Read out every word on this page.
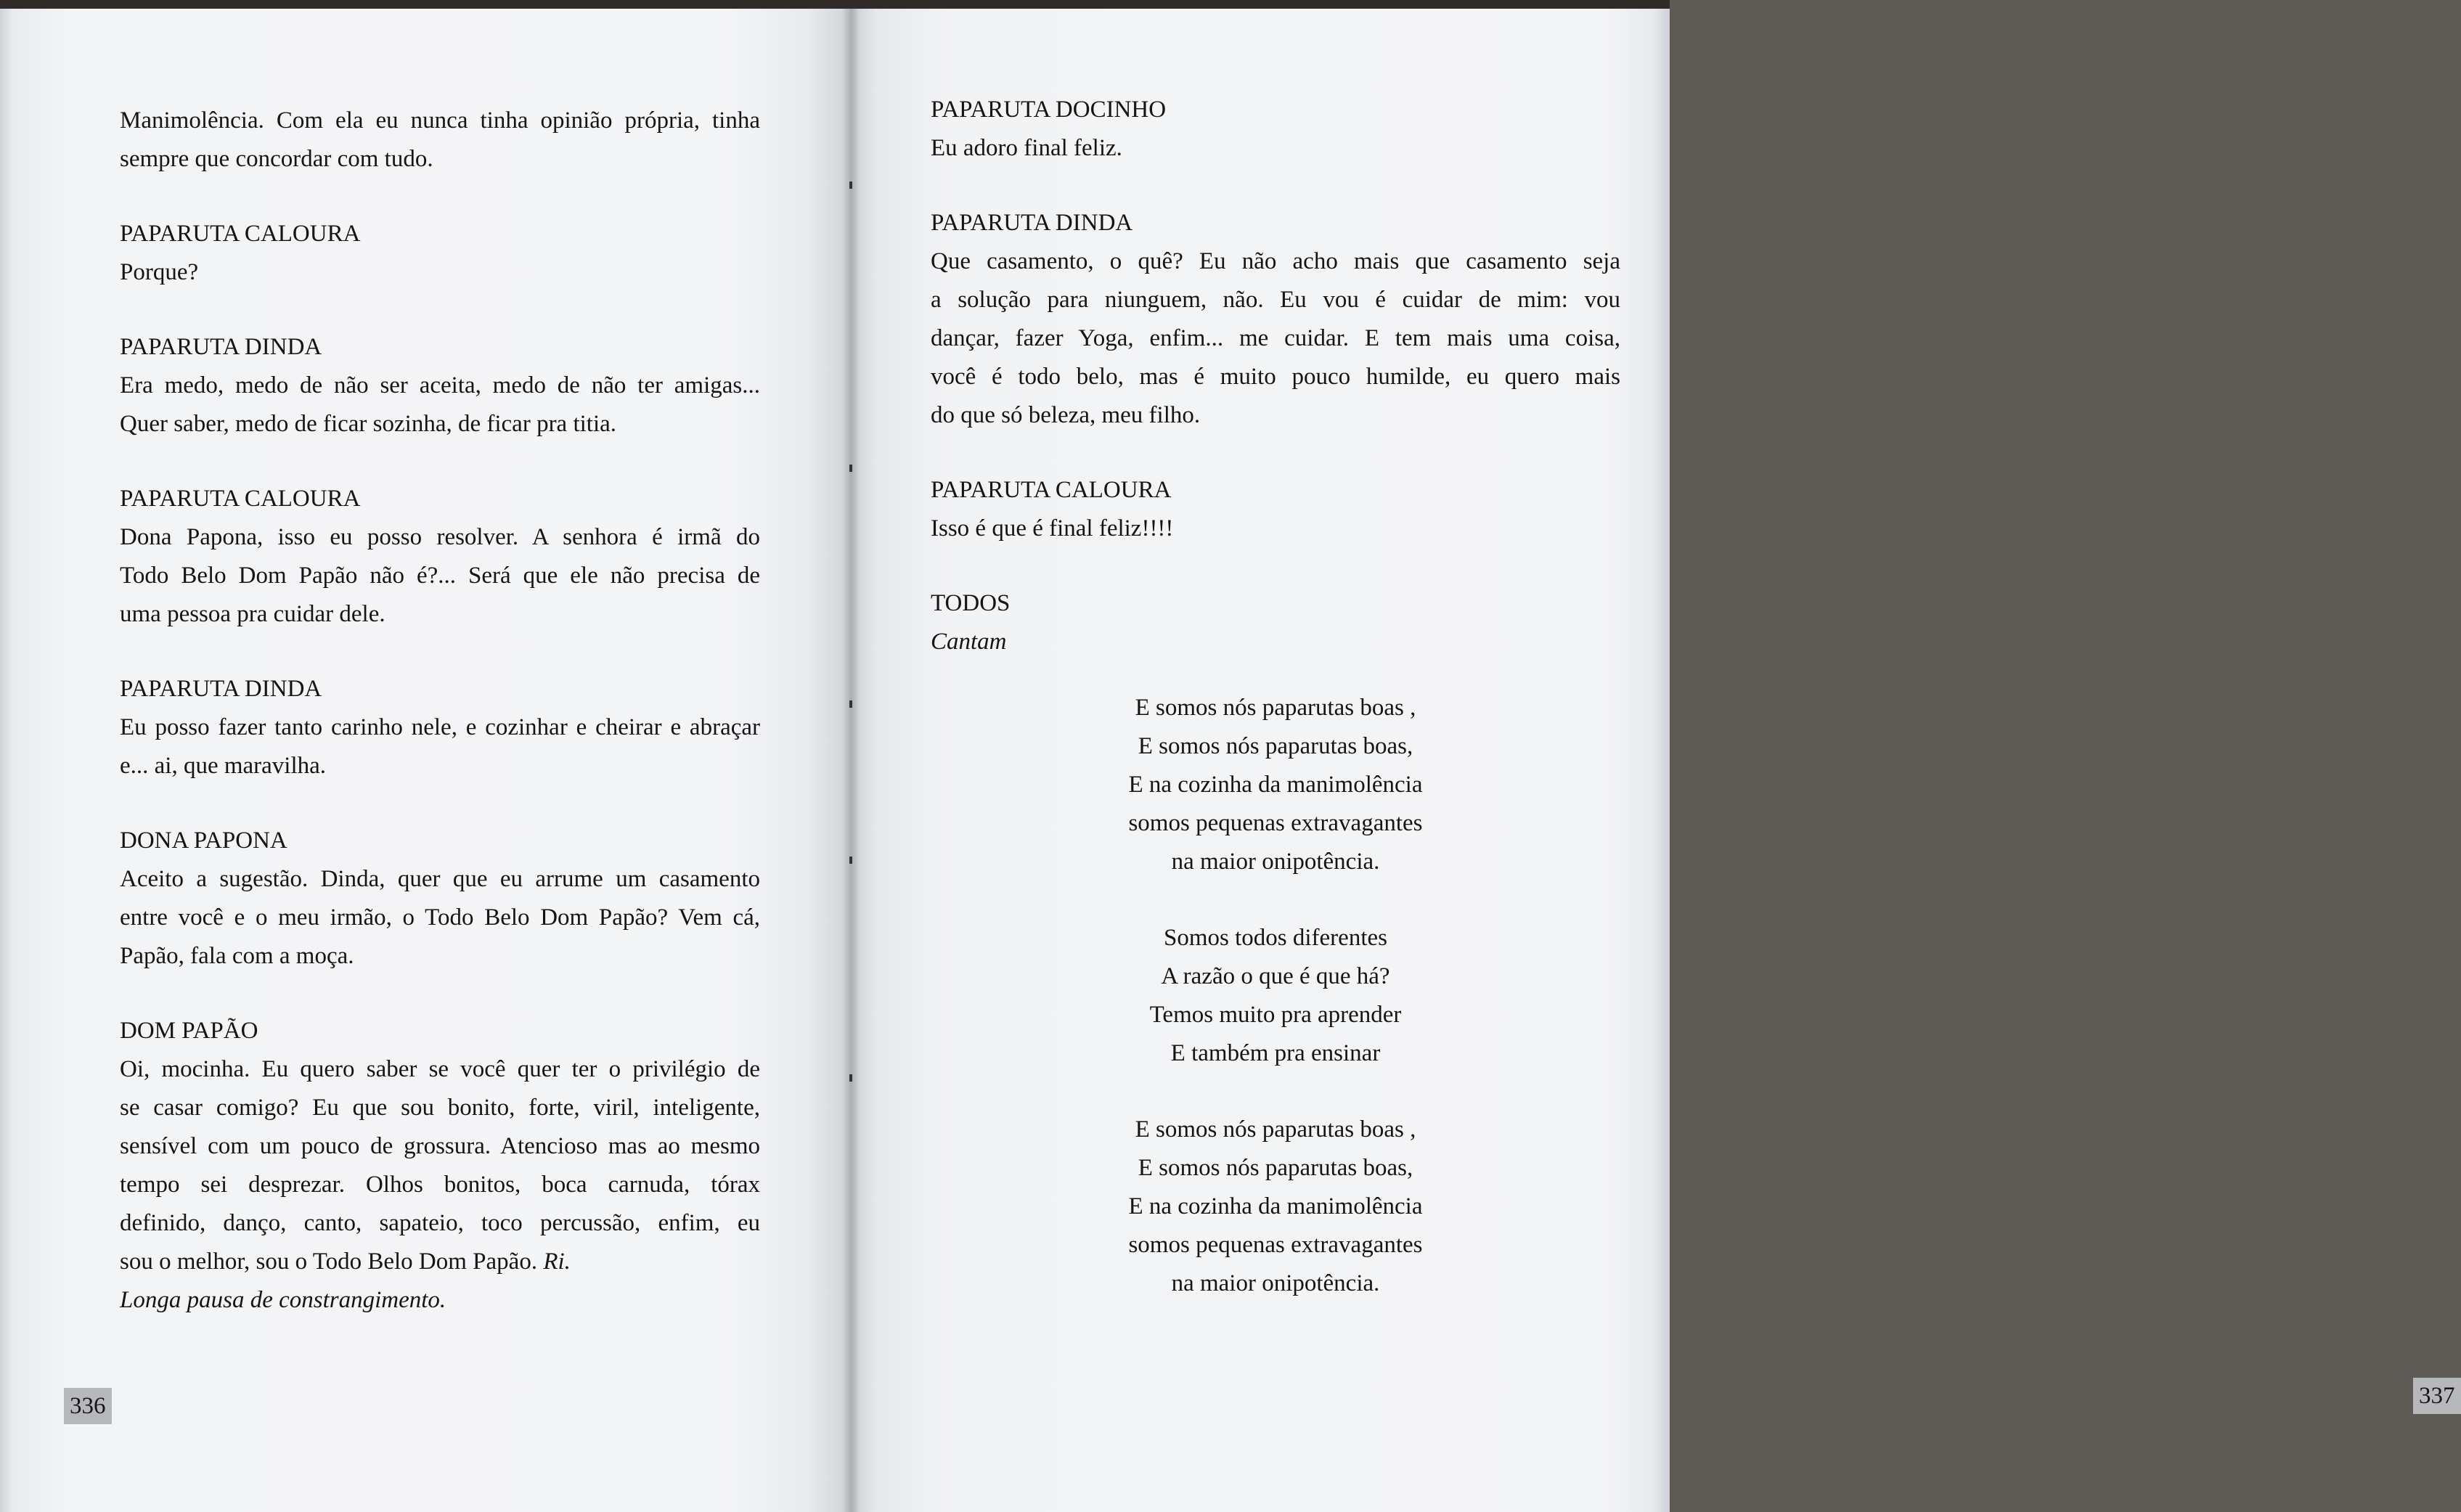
Manimolência. Com ela eu nunca tinha opinião própria, tinha
sempre que concordar com tudo.
PAPARUTA CALOURA
Porque?
PAPARUTA DINDA
Era medo, medo de não ser aceita, medo de não ter amigas...
Quer saber, medo de ficar sozinha, de ficar pra titia.
PAPARUTA CALOURA
Dona Papona, isso eu posso resolver. A senhora é irmã do
Todo Belo Dom Papão não é?... Será que ele não precisa de
uma pessoa pra cuidar dele.
PAPARUTA DINDA
Eu posso fazer tanto carinho nele, e cozinhar e cheirar e abraçar
e... ai, que maravilha.
DONA PAPONA
Aceito a sugestão. Dinda, quer que eu arrume um casamento
entre você e o meu irmão, o Todo Belo Dom Papão? Vem cá,
Papão, fala com a moça.
DOM PAPÃO
Oi, mocinha. Eu quero saber se você quer ter o privilégio de
se casar comigo? Eu que sou bonito, forte, viril, inteligente,
sensível com um pouco de grossura. Atencioso mas ao mesmo
tempo sei desprezar. Olhos bonitos, boca carnuda, tórax
definido, danço, canto, sapateio, toco percussão, enfim, eu
sou o melhor, sou o Todo Belo Dom Papão. Ri.
Longa pausa de constrangimento.
336
PAPARUTA DOCINHO
Eu adoro final feliz.
PAPARUTA DINDA
Que casamento, o quê? Eu não acho mais que casamento seja
a solução para niunguem, não. Eu vou é cuidar de mim: vou
dançar, fazer Yoga, enfim... me cuidar. E tem mais uma coisa,
você é todo belo, mas é muito pouco humilde, eu quero mais
do que só beleza, meu filho.
PAPARUTA CALOURA
Isso é que é final feliz!!!!
TODOS
Cantam
E somos nós paparutas boas ,
E somos nós paparutas boas,
E na cozinha da manimolência
somos pequenas extravagantes
na maior onipotência.
Somos todos diferentes
A razão o que é que há?
Temos muito pra aprender
E também pra ensinar
E somos nós paparutas boas ,
E somos nós paparutas boas,
E na cozinha da manimolência
somos pequenas extravagantes
na maior onipotência.
337
